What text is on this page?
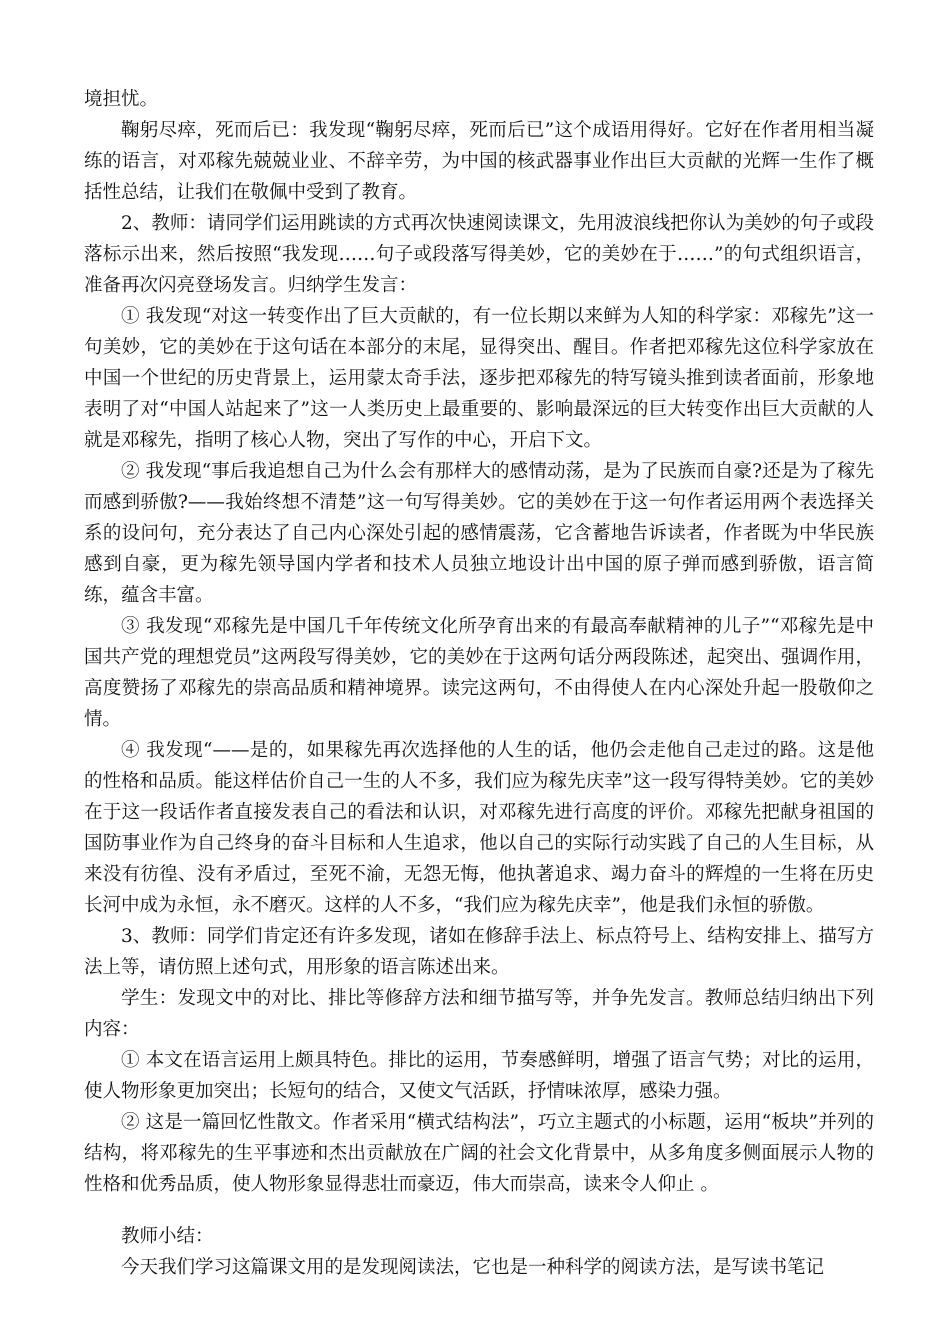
境担忧。

鞠躬尽瘁，死而后已：我发现“鞠躬尽瘁，死而后已”这个成语用得好。它好在作者用相当凝练的语言，对邓稼先兢兢业业、不辞辛劳，为中国的核武器事业作出巨大贡献的光辉一生作了概括性总结，让我们在敬佩中受到了教育。

2、教师：请同学们运用跳读的方式再次快速阅读课文，先用波浪线把你认为美妙的句子或段落标示出来，然后按照“我发现……句子或段落写得美妙，它的美妙在于……”的句式组织语言，准备再次闪亮登场发言。归纳学生发言：

① 我发现“对这一转变作出了巨大贡献的，有一位长期以来鲜为人知的科学家：邓稼先”这一句美妙，它的美妙在于这句话在本部分的末尾，显得突出、醒目。作者把邓稼先这位科学家放在中国一个世纪的历史背景上，运用蒙太奇手法，逐步把邓稼先的特写镜头推到读者面前，形象地表明了对“中国人站起来了”这一人类历史上最重要的、影响最深远的巨大转变作出巨大贡献的人就是邓稼先，指明了核心人物，突出了写作的中心，开启下文。

② 我发现“事后我追想自己为什么会有那样大的感情动荡，是为了民族而自豪?还是为了稼先而感到骄傲?——我始终想不清楚”这一句写得美妙。它的美妙在于这一句作者运用两个表选择关系的设问句，充分表达了自己内心深处引起的感情震荡，它含蓄地告诉读者，作者既为中华民族感到自豪，更为稼先领导国内学者和技术人员独立地设计出中国的原子弹而感到骄傲，语言简练，蕴含丰富。

③ 我发现“邓稼先是中国几千年传统文化所孕育出来的有最高奉献精神的儿子”“邓稼先是中国共产党的理想党员”这两段写得美妙，它的美妙在于这两句话分两段陈述，起突出、强调作用，高度赞扬了邓稼先的崇高品质和精神境界。读完这两句，不由得使人在内心深处升起一股敬仰之情。

④ 我发现“——是的，如果稼先再次选择他的人生的话，他仍会走他自己走过的路。这是他的性格和品质。能这样估价自己一生的人不多，我们应为稼先庆幸”这一段写得特美妙。它的美妙在于这一段话作者直接发表自己的看法和认识，对邓稼先进行高度的评价。邓稼先把献身祖国的国防事业作为自己终身的奋斗目标和人生追求，他以自己的实际行动实践了自己的人生目标，从来没有彷徨、没有矛盾过，至死不渝，无怨无悔，他执著追求、竭力奋斗的辉煌的一生将在历史长河中成为永恒，永不磨灭。这样的人不多，“我们应为稼先庆幸”，他是我们永恒的骄傲。

3、教师：同学们肯定还有许多发现，诸如在修辞手法上、标点符号上、结构安排上、描写方法上等，请仿照上述句式，用形象的语言陈述出来。

学生：发现文中的对比、排比等修辞方法和细节描写等，并争先发言。教师总结归纳出下列内容：

① 本文在语言运用上颇具特色。排比的运用，节奏感鲜明，增强了语言气势；对比的运用，使人物形象更加突出；长短句的结合，又使文气活跃，抒情味浓厚，感染力强。

② 这是一篇回忆性散文。作者采用“横式结构法”，巧立主题式的小标题，运用“板块”并列的结构，将邓稼先的生平事迹和杰出贡献放在广阔的社会文化背景中，从多角度多侧面展示人物的性格和优秀品质，使人物形象显得悲壮而豪迈，伟大而崇高，读来令人仰止 。

教师小结：

今天我们学习这篇课文用的是发现阅读法，它也是一种科学的阅读方法，是写读书笔记
